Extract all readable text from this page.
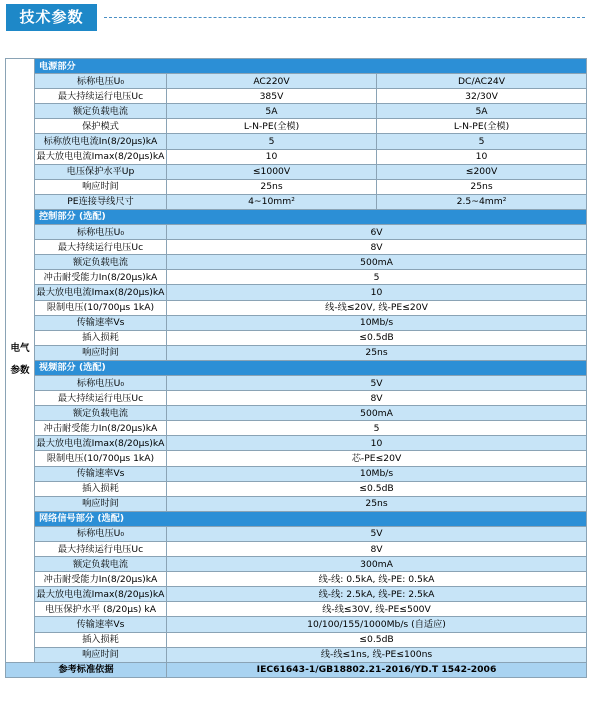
技术参数
电气
参数	电源部分		
	标称电压U₀	AC220V	DC/AC24V
	最大持续运行电压Uc	385V	32/30V
	额定负载电流	5A	5A
	保护模式	L-N-PE(全模)	L-N-PE(全模)
	标称放电电流In(8/20μs)kA	5	5
	最大放电电流Imax(8/20μs)kA	10	10
	电压保护水平Up	≤1000V	≤200V
	响应时间	25ns	25ns
	PE连接导线尺寸	4~10mm²	2.5~4mm²
	控制部分 (选配)		
	标称电压U₀	6V	
	最大持续运行电压Uc	8V	
	额定负载电流	500mA	
	冲击耐受能力In(8/20μs)kA	5	
	最大放电电流Imax(8/20μs)kA	10	
	限制电压(10/700μs 1kA)	线-线≤20V, 线-PE≤20V	
	传输速率Vs	10Mb/s	
	插入损耗	≤0.5dB	
	响应时间	25ns	
	视频部分 (选配)		
	标称电压U₀	5V	
	最大持续运行电压Uc	8V	
	额定负载电流	500mA	
	冲击耐受能力In(8/20μs)kA	5	
	最大放电电流Imax(8/20μs)kA	10	
	限制电压(10/700μs 1kA)	芯-PE≤20V	
	传输速率Vs	10Mb/s	
	插入损耗	≤0.5dB	
	响应时间	25ns	
	网络信号部分 (选配)		
	标称电压U₀	5V	
	最大持续运行电压Uc	8V	
	额定负载电流	300mA	
	冲击耐受能力In(8/20μs)kA	线-线: 0.5kA, 线-PE: 0.5kA	
	最大放电电流Imax(8/20μs)kA	线-线: 2.5kA, 线-PE: 2.5kA	
	电压保护水平 (8/20μs) kA	线-线≤30V, 线-PE≤500V	
	传输速率Vs	10/100/155/1000Mb/s (自适应)	
	插入损耗	≤0.5dB	
	响应时间	线-线≤1ns, 线-PE≤100ns	
参考标准依据		IEC61643-1/GB18802.21-2016/YD.T 1542-2006	
